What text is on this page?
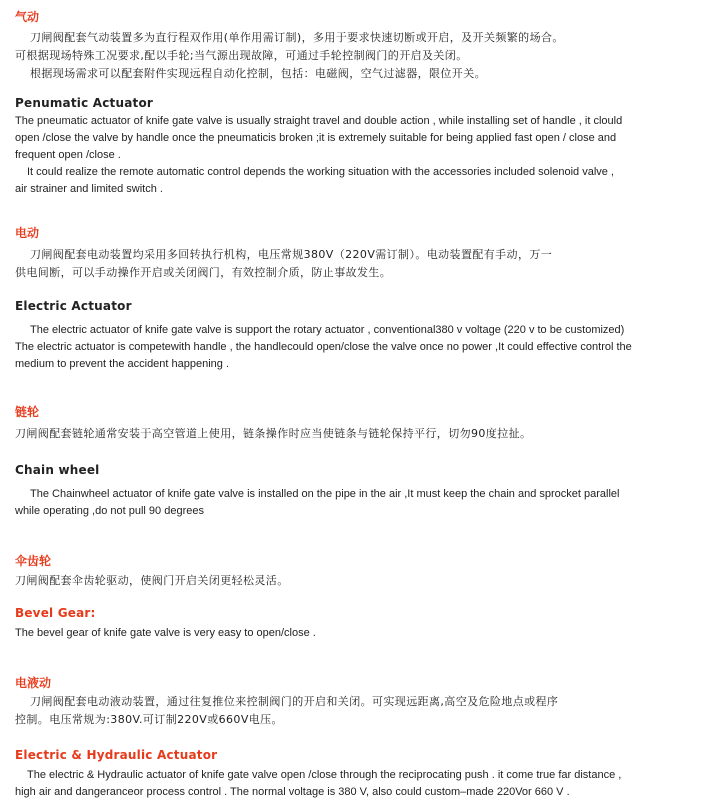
气动
刀闸阀配套气动装置多为直行程双作用(单作用需订制)，多用于要求快速切断或开启，及开关频繁的场合。
可根据现场特殊工况要求,配以手轮;当气源出现故障，可通过手轮控制阀门的开启及关闭。
根据现场需求可以配套附件实现远程自动化控制，包括：电磁阀，空气过滤器，限位开关。
Penumatic Actuator
The pneumatic actuator of knife gate valve is usually straight travel and double action , while installing set of handle , it clould
open /close the valve by handle once the pneumaticis broken ;it is extremely suitable for being applied fast open / close and
frequent open /close .
It could realize the remote automatic control depends the working situation with the accessories included solenoid valve ,
air strainer and limited switch .
电动
刀闸阀配套电动装置均采用多回转执行机构，电压常规380V（220V需订制）。电动装置配有手动，万一
供电间断，可以手动操作开启或关闭阀门，有效控制介质，防止事故发生。
Electric Actuator
The electric actuator of knife gate valve is support the rotary actuator , conventional380 v voltage (220 v to be customized)
The electric actuator is competewith handle , the handlecould open/close the valve once no power ,It could effective control the
medium to prevent the accident happening .
链轮
刀闸阀配套链轮通常安装于高空管道上使用，链条操作时应当使链条与链轮保持平行，切勿90度拉扯。
Chain wheel
The Chainwheel actuator of knife gate valve is installed on the pipe in the air ,It must keep the chain and sprocket parallel
while operating ,do not pull 90 degrees
伞齿轮
刀闸阀配套伞齿轮驱动，使阀门开启关闭更轻松灵活。
Bevel Gear:
The bevel gear of knife gate valve is very easy to open/close .
电液动
刀闸阀配套电动液动装置，通过往复推位来控制阀门的开启和关闭。可实现远距离,高空及危险地点或程序
控制。电压常规为:380V.可订制220V或660V电压。
Electric & Hydraulic Actuator
The electric & Hydraulic actuator of knife gate valve open /close through the reciprocating push . it come true far distance ,
high air and dangeranceor process control . The normal voltage is 380 V, also could custom–made 220Vor 660 V .
